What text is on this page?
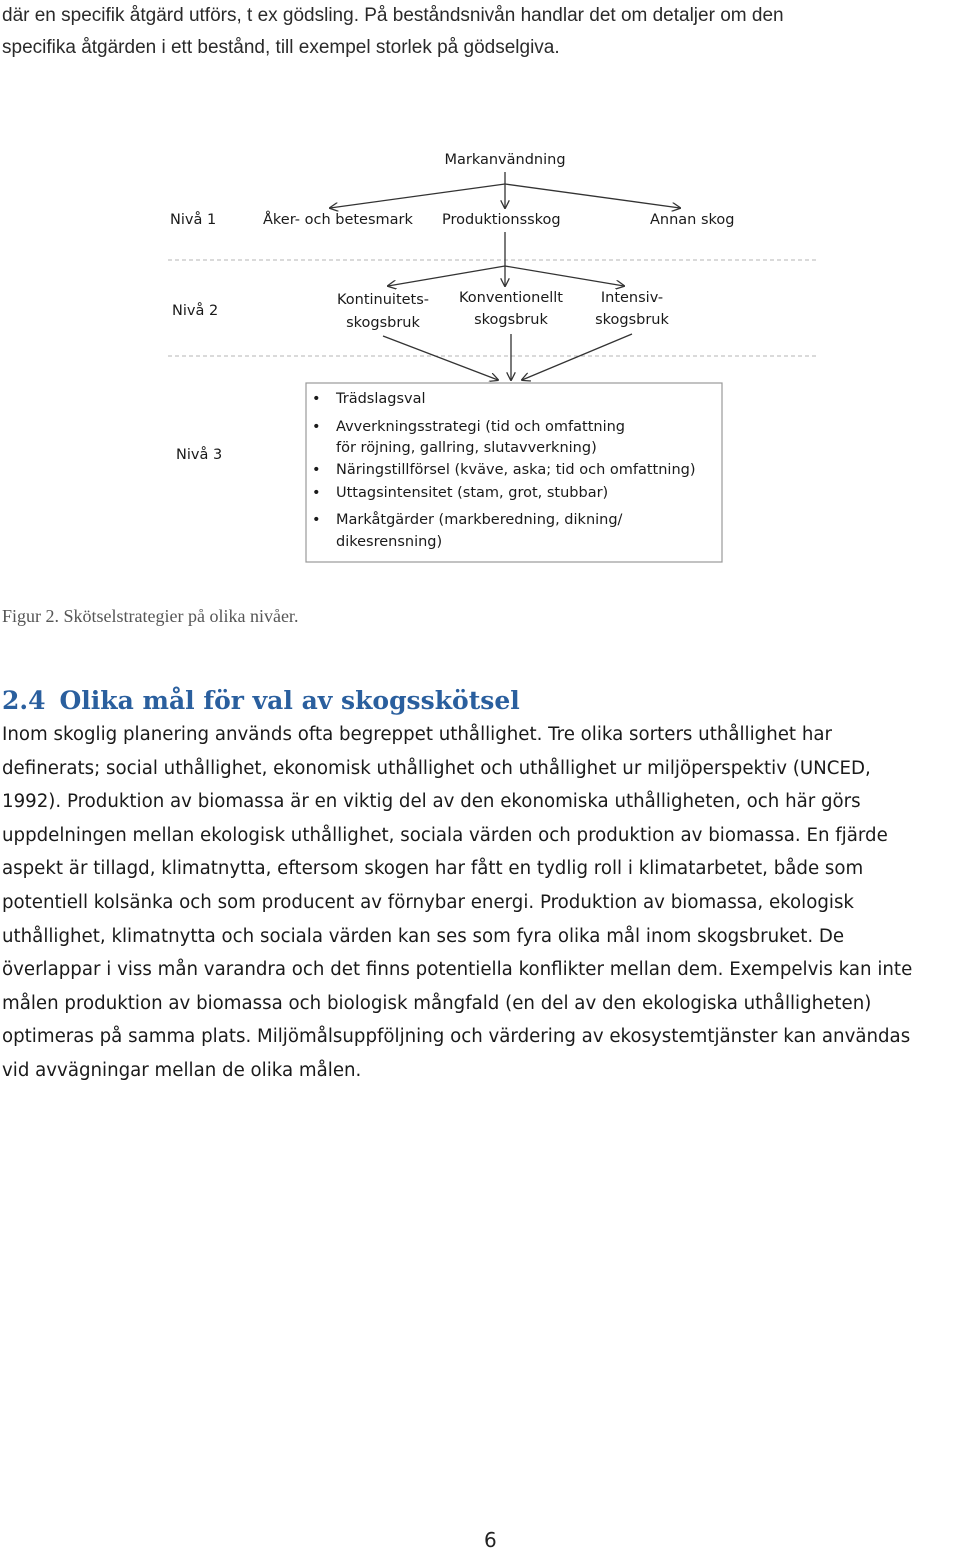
där en specifik åtgärd utförs, t ex gödsling. På beståndsnivån handlar det om detaljer om den
specifika åtgärden i ett bestånd, till exempel storlek på gödselgiva.
Markanvändning
Nivå 1
Nivå 2
Nivå 3
Åker- och betesmark Produktionsskog	Annan skog
Kontinuitets-
skogsbruk
Konventionellt
skogsbruk
Intensiv-
skogsbruk
• Trädslagsval
• Avverkningsstrategi (tid och omfattning
för röjning, gallring, slutavverkning)
• Näringstillförsel (kväve, aska; tid och omfattning)
• Uttagsintensitet (stam, grot, stubbar)
• Markåtgärder (markberedning, dikning/
dikesrensning)
Figur 2. Skötselstrategier på olika nivåer.
2.4 Olika mål för val av skogsskötsel
Inom skoglig planering används ofta begreppet uthållighet. Tre olika sorters uthållighet har
definerats; social uthållighet, ekonomisk uthållighet och uthållighet ur miljöperspektiv (UNCED,
1992). Produktion av biomassa är en viktig del av den ekonomiska uthålligheten, och här görs
uppdelningen mellan ekologisk uthållighet, sociala värden och produktion av biomassa. En fjärde
aspekt är tillagd, klimatnytta, eftersom skogen har fått en tydlig roll i klimatarbetet, både som
potentiell kolsänka och som producent av förnybar energi. Produktion av biomassa, ekologisk
uthållighet, klimatnytta och sociala värden kan ses som fyra olika mål inom skogsbruket. De
överlappar i viss mån varandra och det finns potentiella konflikter mellan dem. Exempelvis kan inte
målen produktion av biomassa och biologisk mångfald (en del av den ekologiska uthålligheten)
optimeras på samma plats. Miljömålsuppföljning och värdering av ekosystemtjänster kan användas
vid avvägningar mellan de olika målen.
6
